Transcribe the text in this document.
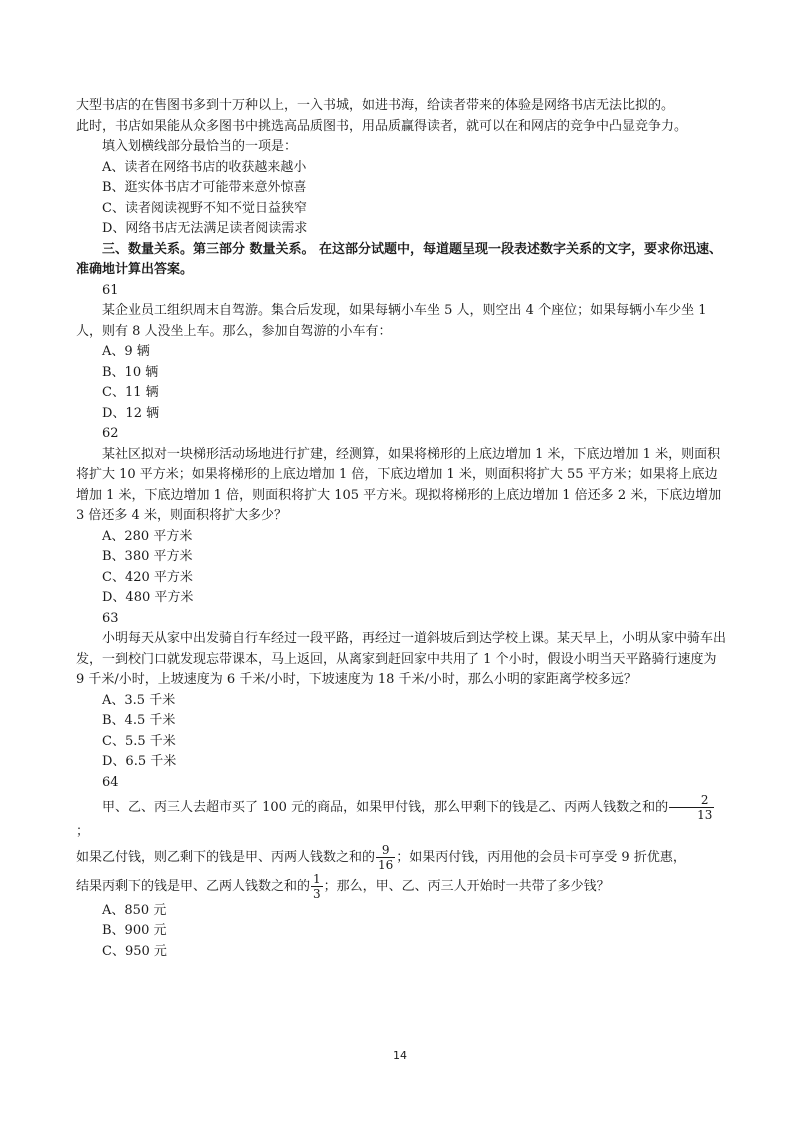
大型书店的在售图书多到十万种以上，一入书城，如进书海，给读者带来的体验是网络书店无法比拟的。

此时，书店如果能从众多图书中挑选高品质图书，用品质赢得读者，就可以在和网店的竞争中凸显竞争力。

填入划横线部分最恰当的一项是：

A、读者在网络书店的收获越来越小

B、逛实体书店才可能带来意外惊喜

C、读者阅读视野不知不觉日益狭窄

D、网络书店无法满足读者阅读需求

三、数量关系。第三部分 数量关系。 在这部分试题中，每道题呈现一段表述数字关系的文字，要求你迅速、准确地计算出答案。

61

某企业员工组织周末自驾游。集合后发现，如果每辆小车坐 5 人，则空出 4 个座位；如果每辆小车少坐 1 人，则有 8 人没坐上车。那么，参加自驾游的小车有：

A、9 辆

B、10 辆

C、11 辆

D、12 辆

62

某社区拟对一块梯形活动场地进行扩建，经测算，如果将梯形的上底边增加 1 米，下底边增加 1 米，则面积将扩大 10 平方米；如果将梯形的上底边增加 1 倍，下底边增加 1 米，则面积将扩大 55 平方米；如果将上底边增加 1 米，下底边增加 1 倍，则面积将扩大 105 平方米。现拟将梯形的上底边增加 1 倍还多 2 米，下底边增加 3 倍还多 4 米，则面积将扩大多少？

A、280 平方米

B、380 平方米

C、420 平方米

D、480 平方米

63

小明每天从家中出发骑自行车经过一段平路，再经过一道斜坡后到达学校上课。某天早上，小明从家中骑车出发，一到校门口就发现忘带课本，马上返回，从离家到赶回家中共用了 1 个小时，假设小明当天平路骑行速度为 9 千米/小时，上坡速度为 6 千米/小时，下坡速度为 18 千米/小时，那么小明的家距离学校多远？

A、3.5 千米

B、4.5 千米

C、5.5 千米

D、6.5 千米

64

甲、乙、丙三人去超市买了 100 元的商品，如果甲付钱，那么甲剩下的钱是乙、丙两人钱数之和的 $\frac{2}{13}$
；

如果乙付钱，则乙剩下的钱是甲、丙两人钱数之和的 $\frac{9}{16}$ ；如果丙付钱，丙用他的会员卡可享受 9 折优惠，

结果丙剩下的钱是甲、乙两人钱数之和的 $\frac{1}{3}$ ；那么，甲、乙、丙三人开始时一共带了多少钱？

A、850 元

B、900 元

C、950 元

14
